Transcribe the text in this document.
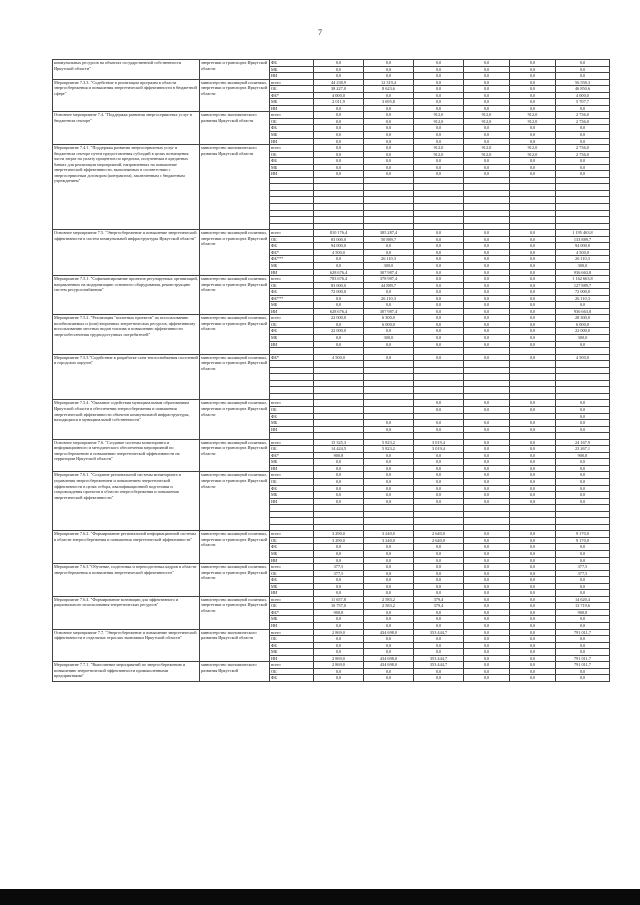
7
коммунальных ресурсов на объектах государственной собственности Иркутской области"	энергетики и транспорта Иркутской области	ФБ	0,0	0,0	0,0	0,0	0,0	0,0
		МБ	0,0	0,0	0,0	0,0	0,0	0,0
		ИИ	0,0	0,0	0,0	0,0	0,0	0,0
Мероприятие 7.3.3. "Содействие в реализации программ в области энергосбережения и повышения энергетической эффективности в бюджетной сфере"	министерство жилищной политики, энергетики и транспорта Иркутской области	всего	44 238,9	12 319,4	0,0	0,0	0,0	56 558,3
		ОБ	38 227,0	8 623,6	0,0	0,0	0,0	46 850,6
		ФБ*	4 000,0	0,0	0,0	0,0	0,0	4 000,0
		МБ	2 011,9	3 695,8	0,0	0,0	0,0	5 707,7
		ИИ	0,0	0,0	0,0	0,0	0,0	0,0
Основное мероприятие 7.4. "Поддержка развития энергосервисных услуг в бюджетном секторе"	министерство экономического развития Иркутской области	всего	0,0	0,0	912,0	912,0	912,0	2 736,0
		ОБ	0,0	0,0	912,0	912,0	912,0	2 736,0
		ФБ	0,0	0,0	0,0	0,0	0,0	0,0
		МБ	0,0	0,0	0,0	0,0	0,0	0,0
		ИИ	0,0	0,0	0,0	0,0	0,0	0,0
Мероприятие 7.4.1. "Поддержка развития энергосервисных услуг в бюджетном секторе путем предоставления субсидий в целях возмещения части затрат на уплату процентов по кредитам, полученным в кредитных банках для реализации мероприятий, направленных на повышение энергетической эффективности, выполняемых в соответствии с энергосервисным договором (контрактом), заключенным с бюджетным учреждением"	министерство экономического развития Иркутской области	всего	0,0	0,0	912,0	912,0	912,0	2 736,0
		ОБ	0,0	0,0	912,0	912,0	912,0	2 736,0
		ФБ	0,0	0,0	0,0	0,0	0,0	0,0
		МБ	0,0	0,0	0,0	0,0	0,0	0,0
		ИИ	0,0	0,0	0,0	0,0	0,0	0,0

Основное мероприятие 7.5. "Энергосбережение и повышение энергетической эффективности в систем коммунальной инфраструктуры Иркутской области"	министерство жилищной политики, энергетики и транспорта Иркутской области	всего	810 176,4	385 287,4	0,0	0,0	0,0	1 195 463,8
		ОБ	83 000,0	50 889,7	0,0	0,0	0,0	133 889,7
		ФБ	94 000,0	0,0	0,0	0,0	0,0	94 000,0
		ФБ*	4 500,0	0,0	0,0	0,0	0,0	4 500,0
		ФБ***	0,0	26 110,3	0,0	0,0	0,0	26 110,3
		МБ	0,0	300,0	0,0	0,0	0,0	300,0
		ИИ	628 676,4	307 987,4	0,0	0,0	0,0	936 663,8
Мероприятие 7.5.1. "Софинансирование проектов регулируемых организаций, направленных на модернизацию основного оборудования, реконструкцию систем ресурсоснабжения"	министерство жилищной политики, энергетики и транспорта Иркутской области	всего	783 676,4	378 987,4	0,0	0,0	0,0	1 162 663,8
		ОБ	83 000,0	44 889,7	0,0	0,0	0,0	127 889,7
		ФБ	72 000,0	0,0	0,0	0,0	0,0	72 000,0
		ФБ***	0,0	26 110,3	0,0	0,0	0,0	26 110,3
		МБ	0,0	0,0	0,0	0,0	0,0	0,0
		ИИ	628 676,4	307 987,4	0,0	0,0	0,0	936 663,8
Мероприятие 7.5.2. "Реализация "пилотных проектов" по использованию возобновляемых и (или) вторичных энергетических ресурсов, эффективному использованию местных видов топлива и повышению эффективности энергообеспечения труднодоступных потребителей"	министерство жилищной политики, энергетики и транспорта Иркутской области	всего	22 000,0	6 300,0	0,0	0,0	0,0	28 300,0
		ОБ	0,0	6 000,0	0,0	0,0	0,0	6 000,0
		ФБ	22 000,0	0,0	0,0	0,0	0,0	22 000,0
		МБ	0,0	300,0	0,0	0,0	0,0	300,0
		ИИ	0,0	0,0	0,0	0,0	0,0	0,0

Мероприятие 7.5.3 "Содействие в разработке схем теплоснабжения поселений и городских округов"	министерство жилищной политики, энергетики и транспорта Иркутской области	ФБ*	4 500,0	0,0	0,0	0,0	0,0	4 500,0

Мероприятие 7.5.4. "Оказание содействия муниципальным образованиям Иркутской области в обеспечении энергосбережения и повышения энергетической эффективности объектов коммунальной инфраструктуры, находящихся в муниципальной собственности"	министерство жилищной политики, энергетики и транспорта Иркутской области	всего			0,0	0,0	0,0	0,0
		ОБ			0,0	0,0	0,0	0,0
		ФБ						0,0
		МБ		0,0	0,0	0,0	0,0	0,0
		ИИ		0,0	0,0	0,0	0,0	0,0

Основное мероприятие 7.6. "Создание системы мониторинга и информационного и методического обеспечения мероприятий по энергосбережению и повышению энергетической эффективности на территории Иркутской области"	министерство жилищной политики, энергетики и транспорта Иркутской области	всего	15 325,3	5 823,2	3 019,4	0,0	0,0	24 167,9
		ОБ	14 424,5	5 823,2	3 019,4	0,0	0,0	23 267,1
		ФБ*	900,8	0,0	0,0	0,0	0,0	900,8
		МБ	0,0	0,0	0,0	0,0	0,0	0,0
		ИИ	0,0	0,0	0,0	0,0	0,0	0,0
Мероприятие 7.6.1. "Создание региональной системы мониторинга и управления энергосбережением и повышением энергетической эффективности в целях отбора, квалификационной подготовки и сопровождения проектов в области энергосбережения и повышения энергетической эффективности"	министерство жилищной политики, энергетики и транспорта Иркутской области	всего	0,0	0,0	0,0	0,0	0,0	0,0
		ОБ	0,0	0,0	0,0	0,0	0,0	0,0
		ФБ	0,0	0,0	0,0	0,0	0,0	0,0
		МБ	0,0	0,0	0,0	0,0	0,0	0,0
		ИИ	0,0	0,0	0,0	0,0	0,0	0,0

Мероприятие 7.6.2. "Формирование региональной информационной системы в области энергосбережения и повышения энергетической эффективности"	министерство жилищной политики, энергетики и транспорта Иркутской области	всего	3 290,0	3 240,0	2 640,0	0,0	0,0	9 170,0
		ОБ	3 290,0	3 240,0	2 640,0	0,0	0,0	9 170,0
		ФБ	0,0	0,0	0,0	0,0	0,0	0,0
		МБ	0,0	0,0	0,0	0,0	0,0	0,0
		ИИ	0,0	0,0	0,0	0,0	0,0	0,0
Мероприятие 7.6.3 "Обучение, подготовка и переподготовка кадров в области энергосбережения и повышения энергетической эффективности"	министерство жилищной политики, энергетики и транспорта Иркутской области	всего	377,5	0,0	0,0	0,0	0,0	377,5
		ОБ	377,5	0,0	0,0	0,0	0,0	377,5
		ФБ	0,0	0,0	0,0	0,0	0,0	0,0
		МБ	0,0	0,0	0,0	0,0	0,0	0,0
		ИИ	0,0	0,0	0,0	0,0	0,0	0,0
Мероприятие 7.6.4. "Формирование мотивации для эффективного и рационального использования энергетических ресурсов"	министерство жилищной политики, энергетики и транспорта Иркутской области	всего	11 657,8	2 583,2	379,4	0,0	0,0	14 620,4
		ОБ	10 757,0	2 583,2	379,4	0,0	0,0	13 719,6
		ФБ*	900,8	0,0	0,0	0,0	0,0	900,8
		МБ	0,0	0,0	0,0	0,0	0,0	0,0
		ИИ	0,0	0,0	0,0	0,0	0,0	0,0
Основное мероприятие 7.7. "Энергосбережение и повышение энергетической эффективности в отдельных отраслях экономики Иркутской области"	министерство экономического развития Иркутской области	всего	2 869,0	434 698,0	353 444,7	0,0	0,0	791 011,7
		ОБ	0,0	0,0	0,0	0,0	0,0	0,0
		ФБ	0,0	0,0	0,0	0,0	0,0	0,0
		МБ	0,0	0,0	0,0	0,0	0,0	0,0
		ИИ	2 869,0	434 698,0	353 444,7	0,0	0,0	791 011,7
Мероприятие 7.7.1. "Выполнение мероприятий по энергосбережению и повышению энергетической эффективности промышленными предприятиями"	министерство экономического развития Иркутской	всего	2 869,0	434 698,0	353 444,7	0,0	0,0	791 011,7
		ОБ	0,0	0,0	0,0	0,0	0,0	0,0
		ФБ	0,0	0,0	0,0	0,0	0,0	0,0
